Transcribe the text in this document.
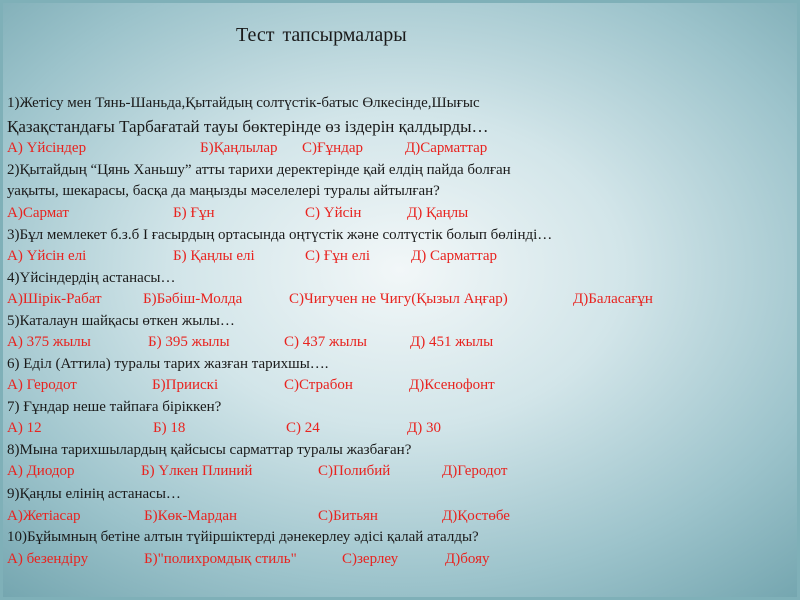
Тест тапсырмалары
1)Жетісу мен Тянь-Шаньда,Қытайдың солтүстік-батыс Өлкесінде,Шығыс
Қазақстандағы Тарбағатай тауы бөктерінде өз іздерін қалдырды…
А) Үйсіндер	Б)Қаңлылар С)Ғұндар	Д)Сарматтар
2)Қытайдың “Цянь Ханьшу” атты тарихи деректерінде қай елдің пайда болған
уақыты, шекарасы, басқа да маңызды мәселелері туралы айтылған?
А)Сармат	Б) Ғұн	С) Үйсін	Д) Қаңлы
3)Бұл мемлекет б.з.б І ғасырдың ортасында оңтүстік және солтүстік болып бөлінді…
А) Үйсін елі	Б) Қаңлы елі	С) Ғұн елі	Д) Сарматтар
4)Үйсіндердің астанасы…
А)Шірік-Рабат	Б)Бәбіш-Молда	С)Чигучен не Чигу(Қызыл Аңғар)	Д)Баласағұн
5)Каталаун шайқасы өткен жылы…
А) 375 жылы	Б) 395 жылы	С) 437 жылы	Д) 451 жылы
6) Еділ (Аттила) туралы тарих жазған тарихшы….
А) Геродот	Б)Приискi	С)Страбон	Д)Ксенофонт
7) Ғұндар неше тайпаға біріккен?
А) 12	Б) 18	С) 24	Д) 30
8)Мына тарихшылардың қайсысы сарматтар туралы жазбаған?
А) Диодор	Б) Үлкен Плиний	С)Полибий	Д)Геродот
9)Қаңлы елінің астанасы…
А)Жетіасар	Б)Көк-Мардан	С)Битьян	Д)Қостөбе
10)Бұйымның бетіне алтын түйіршіктерді дәнекерлеу әдісі қалай аталды?
А) безендіру	Б)"полихромдық стиль"	С)зерлеу	Д)бояу
